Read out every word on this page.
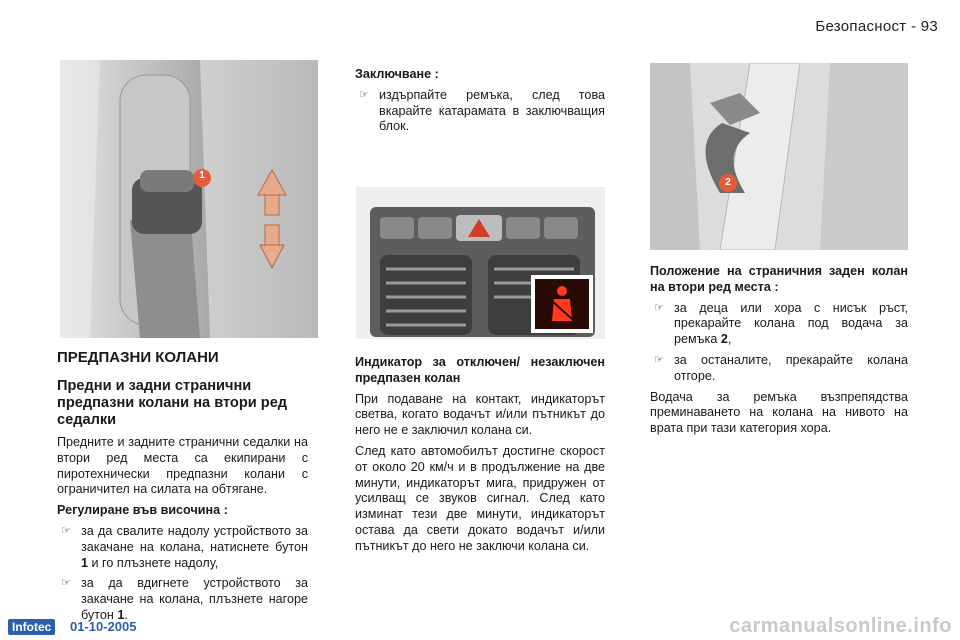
Безопасност - 93
1
ПРЕДПАЗНИ КОЛАНИ

Предни и задни странични предпазни колани на втори ред седалки

Предните и задните странични седалки на втори ред места са екипирани с пиротехнически предпазни колани с ограничител на силата на обтягане.

Регулиране във височина :

☞ за да свалите надолу устройството за закачане на колана, натиснете бутон 1 и го плъзнете надолу,

☞ за да вдигнете устройството за закачане на колана, плъзнете нагоре бутон 1.

Заключване :

☞ издърпайте ремъка, след това вкарайте катарамата в заключващия блок.

Индикатор за отключен/ незаключен предпазен колан

При подаване на контакт, индикаторът светва, когато водачът и/или пътникът до него не е заключил колана си.

След като автомобилът достигне скорост от около 20 км/ч и в продължение на две минути, индикаторът мига, придружен от усилващ се звуков сигнал. След като изминат тези две минути, индикаторът остава да свети докато водачът и/или пътникът до него не заключи колана си.

2

Положение на страничния заден колан на втори ред места :

☞ за деца или хора с нисък ръст, прекарайте колана под водача за ремъка 2,

☞ за останалите, прекарайте колана отгоре.

Водача за ремъка възпрепядства преминаването на колана на нивото на врата при тази категория хора.

Infotec	01-10-2005	carmanualsonline.info
